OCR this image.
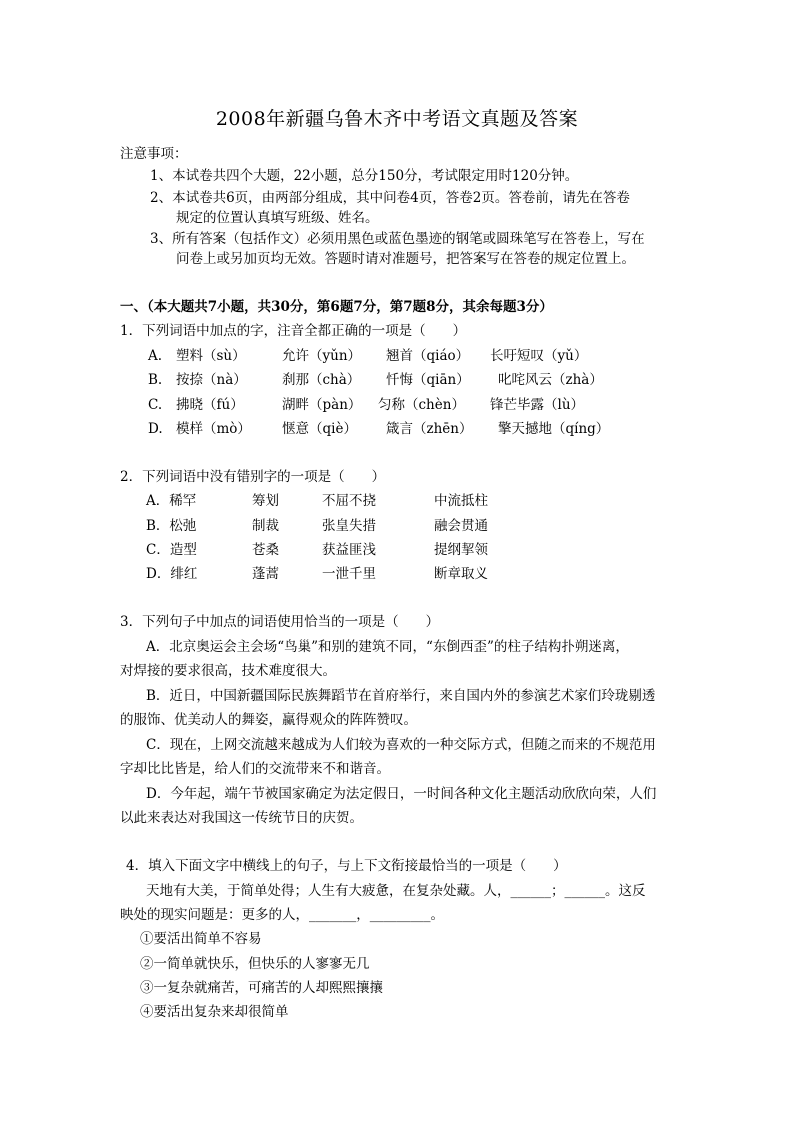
2008年新疆乌鲁木齐中考语文真题及答案
注意事项：
1、本试卷共四个大题，22小题，总分150分，考试限定用时120分钟。
2、本试卷共6页，由两部分组成，其中问卷4页，答卷2页。答卷前，请先在答卷
规定的位置认真填写班级、姓名。
3、所有答案（包括作文）必须用黑色或蓝色墨迹的钢笔或圆珠笔写在答卷上，写在
问卷上或另加页均无效。答题时请对准题号，把答案写在答卷的规定位置上。
一、（本大题共7小题，共30分，第6题7分，第7题8分，其余每题3分）
1．下列词语中加点的字，注音全都正确的一项是（　　）
A. 塑料（sù）	允许（yǔn） 翘首（qiáo） 长吁短叹（yǔ）
B. 按捺（nà）	刹那（chà） 忏悔（qiān） 叱咤风云（zhà）
C. 拂晓（fú）	湖畔（pàn） 匀称（chèn） 锋芒毕露（lù）
D. 模样（mò） 惬意（qiè） 箴言（zhēn） 擎天撼地（qíng）
2．下列词语中没有错别字的一项是（　　）
A．稀罕	筹划	不屈不挠	中流抵柱
B．松弛	制裁	张皇失措	融会贯通
C．造型	苍桑	获益匪浅	提纲挈领
D．绯红	蓬蒿	一泄千里	断章取义
3．下列句子中加点的词语使用恰当的一项是（　　）
A．北京奥运会主会场“鸟巢”和别的建筑不同，“东倒西歪”的柱子结构扑朔迷离，
对焊接的要求很高，技术难度很大。
B．近日，中国新疆国际民族舞蹈节在首府举行，来自国内外的参演艺术家们玲珑剔透
的服饰、优美动人的舞姿，赢得观众的阵阵赞叹。
C．现在，上网交流越来越成为人们较为喜欢的一种交际方式，但随之而来的不规范用
字却比比皆是，给人们的交流带来不和谐音。
D．今年起，端午节被国家确定为法定假日，一时间各种文化主题活动欣欣向荣，人们
以此来表达对我国这一传统节日的庆贺。
4．填入下面文字中横线上的句子，与上下文衔接最恰当的一项是（　　）
天地有大美，于简单处得；人生有大疲惫，在复杂处藏。人，______；______。这反
映处的现实问题是：更多的人，_______，_________。
①要活出简单不容易
②一简单就快乐，但快乐的人寥寥无几
③一复杂就痛苦，可痛苦的人却熙熙攘攘
④要活出复杂来却很简单
